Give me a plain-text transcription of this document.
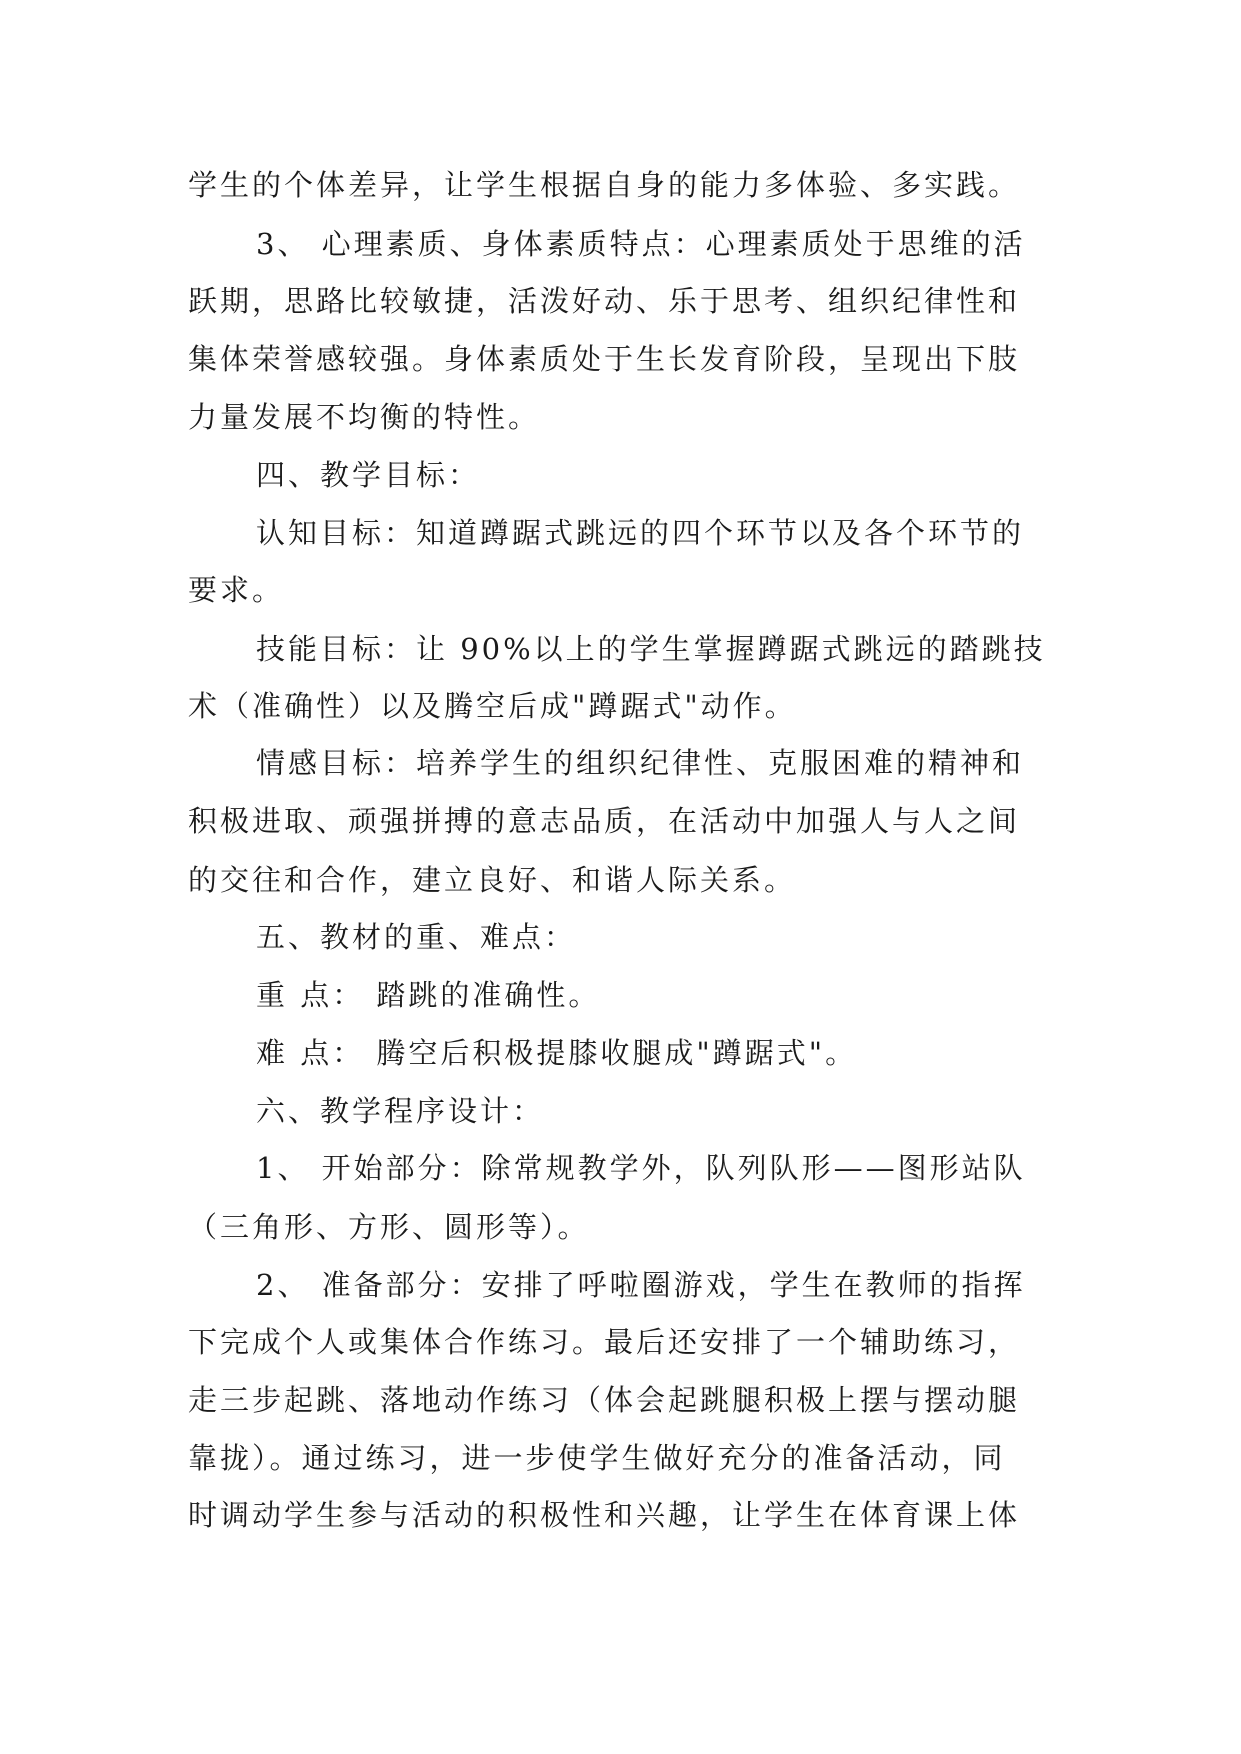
学生的个体差异，让学生根据自身的能力多体验、多实践。
3、 心理素质、身体素质特点：心理素质处于思维的活
跃期，思路比较敏捷，活泼好动、乐于思考、组织纪律性和
集体荣誉感较强。身体素质处于生长发育阶段，呈现出下肢
力量发展不均衡的特性。
四、教学目标：
认知目标：知道蹲踞式跳远的四个环节以及各个环节的
要求。
技能目标：让 90%以上的学生掌握蹲踞式跳远的踏跳技
术（准确性）以及腾空后成"蹲踞式"动作。
情感目标：培养学生的组织纪律性、克服困难的精神和
积极进取、顽强拼搏的意志品质，在活动中加强人与人之间
的交往和合作，建立良好、和谐人际关系。
五、教材的重、难点：
重 点： 踏跳的准确性。
难 点： 腾空后积极提膝收腿成"蹲踞式"。
六、教学程序设计：
1、 开始部分：除常规教学外，队列队形——图形站队
（三角形、方形、圆形等）。
2、 准备部分：安排了呼啦圈游戏，学生在教师的指挥
下完成个人或集体合作练习。最后还安排了一个辅助练习，
走三步起跳、落地动作练习（体会起跳腿积极上摆与摆动腿
靠拢）。通过练习，进一步使学生做好充分的准备活动，同
时调动学生参与活动的积极性和兴趣，让学生在体育课上体
